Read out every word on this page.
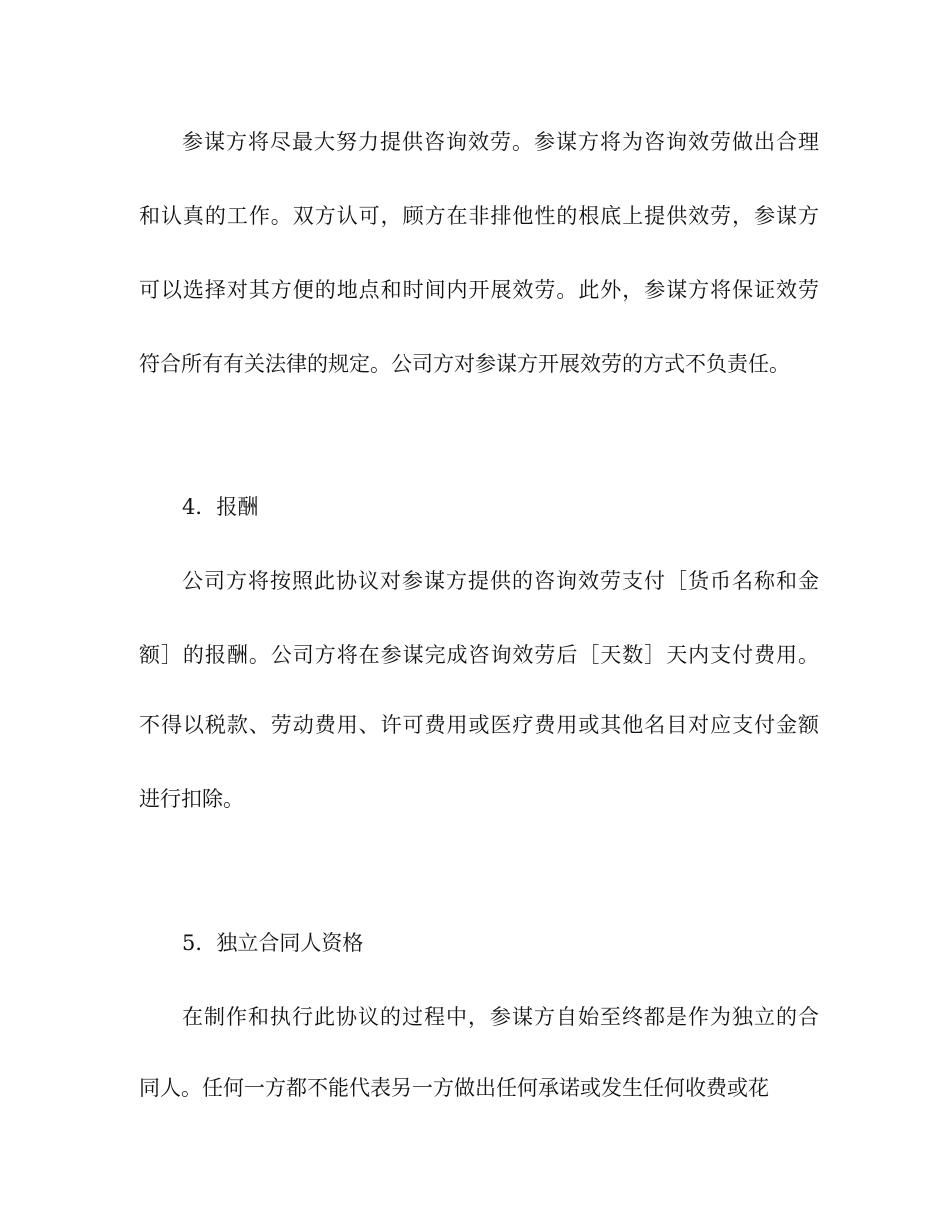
参谋方将尽最大努力提供咨询效劳。参谋方将为咨询效劳做出合理
和认真的工作。双方认可，顾方在非排他性的根底上提供效劳，参谋方
可以选择对其方便的地点和时间内开展效劳。此外，参谋方将保证效劳
符合所有有关法律的规定。公司方对参谋方开展效劳的方式不负责任。
4．报酬
公司方将按照此协议对参谋方提供的咨询效劳支付［货币名称和金
额］的报酬。公司方将在参谋完成咨询效劳后［天数］天内支付费用。
不得以税款、劳动费用、许可费用或医疗费用或其他名目对应支付金额
进行扣除。
5．独立合同人资格
在制作和执行此协议的过程中，参谋方自始至终都是作为独立的合
同人。任何一方都不能代表另一方做出任何承诺或发生任何收费或花
